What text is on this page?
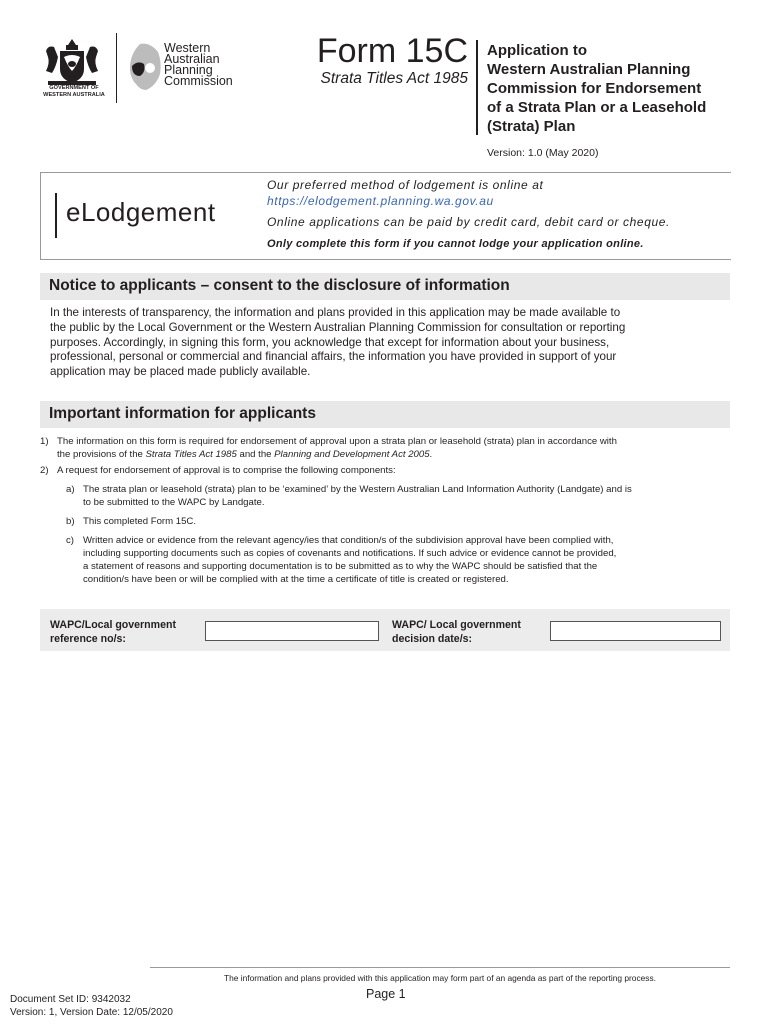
GOVERNMENT OF
WESTERN AUSTRALIA
Western
Australian
Planning
Commission
Form 15C
Strata Titles Act 1985
Application to
Western Australian Planning
Commission for Endorsement
of a Strata Plan or a Leasehold
(Strata) Plan
Version: 1.0 (May 2020)
eLodgement
Our preferred method of lodgement is online at
https://elodgement.planning.wa.gov.au
Online applications can be paid by credit card, debit card or cheque.
Only complete this form if you cannot lodge your application online.
Notice to applicants – consent to the disclosure of information
In the interests of transparency, the information and plans provided in this application may be made available to
the public by the Local Government or the Western Australian Planning Commission for consultation or reporting
purposes. Accordingly, in signing this form, you acknowledge that except for information about your business,
professional, personal or commercial and financial affairs, the information you have provided in support of your
application may be placed made publicly available.
Important information for applicants
1) The information on this form is required for endorsement of approval upon a strata plan or leasehold (strata) plan in accordance with
the provisions of the Strata Titles Act 1985 and the Planning and Development Act 2005.
2) A request for endorsement of approval is to comprise the following components:
a) The strata plan or leasehold (strata) plan to be ‘examined’ by the Western Australian Land Information Authority (Landgate) and is
to be submitted to the WAPC by Landgate.
b) This completed Form 15C.
c) Written advice or evidence from the relevant agency/ies that condition/s of the subdivision approval have been complied with,
including supporting documents such as copies of covenants and notifications. If such advice or evidence cannot be provided,
a statement of reasons and supporting documentation is to be submitted as to why the WAPC should be satisfied that the
condition/s have been or will be complied with at the time a certificate of title is created or registered.
WAPC/Local government
reference no/s:
WAPC/ Local government
decision date/s:
The information and plans provided with this application may form part of an agenda as part of the reporting process.
Page 1
Document Set ID: 9342032
Version: 1, Version Date: 12/05/2020
